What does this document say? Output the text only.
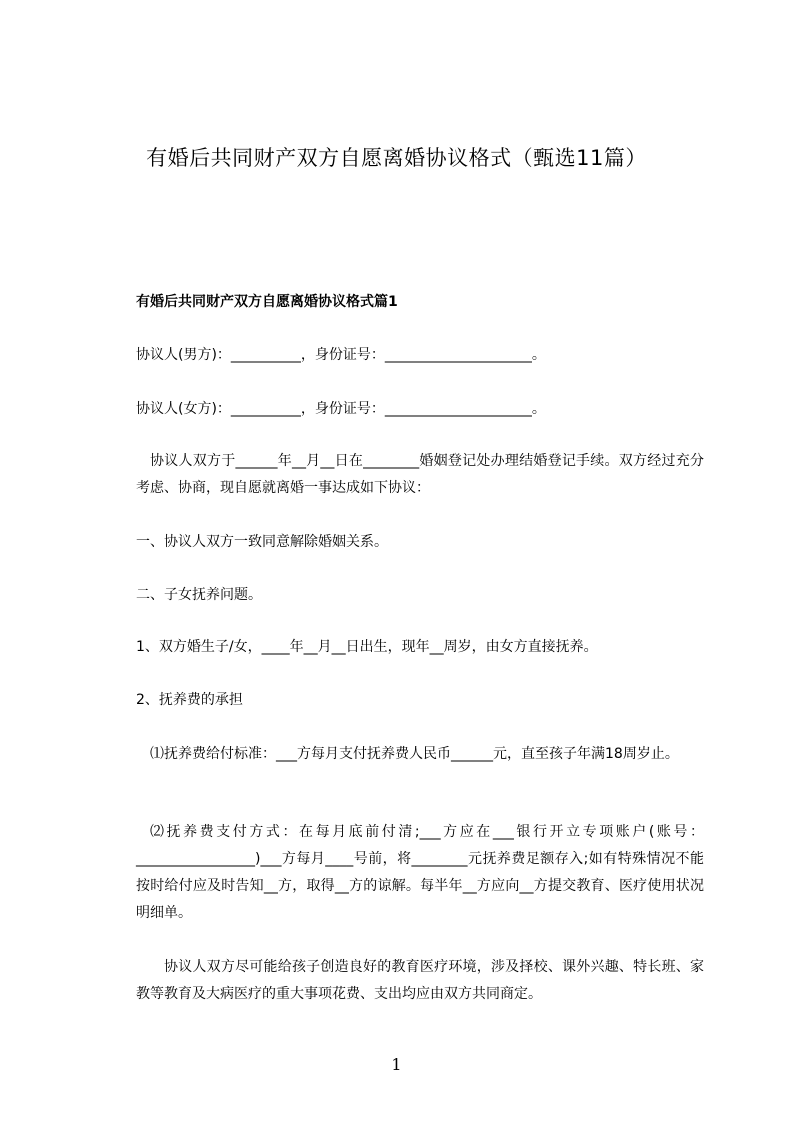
有婚后共同财产双方自愿离婚协议格式（甄选11篇）
有婚后共同财产双方自愿离婚协议格式篇1
协议人(男方)：__________，身份证号：_____________________。
协议人(女方)：__________，身份证号：_____________________。
协议人双方于______年__月__日在________婚姻登记处办理结婚登记手续。双方经过充分考虑、协商，现自愿就离婚一事达成如下协议：
一、协议人双方一致同意解除婚姻关系。
二、子女抚养问题。
1、双方婚生子/女，____年__月__日出生，现年__周岁，由女方直接抚养。
2、抚养费的承担
⑴抚养费给付标准：___方每月支付抚养费人民币______元，直至孩子年满18周岁止。
⑵抚养费支付方式：在每月底前付清;___方应在___银行开立专项账户(账号：_________________)___方每月____号前，将________元抚养费足额存入;如有特殊情况不能按时给付应及时告知__方，取得__方的谅解。每半年__方应向__方提交教育、医疗使用状况明细单。
协议人双方尽可能给孩子创造良好的教育医疗环境，涉及择校、课外兴趣、特长班、家教等教育及大病医疗的重大事项花费、支出均应由双方共同商定。
1
